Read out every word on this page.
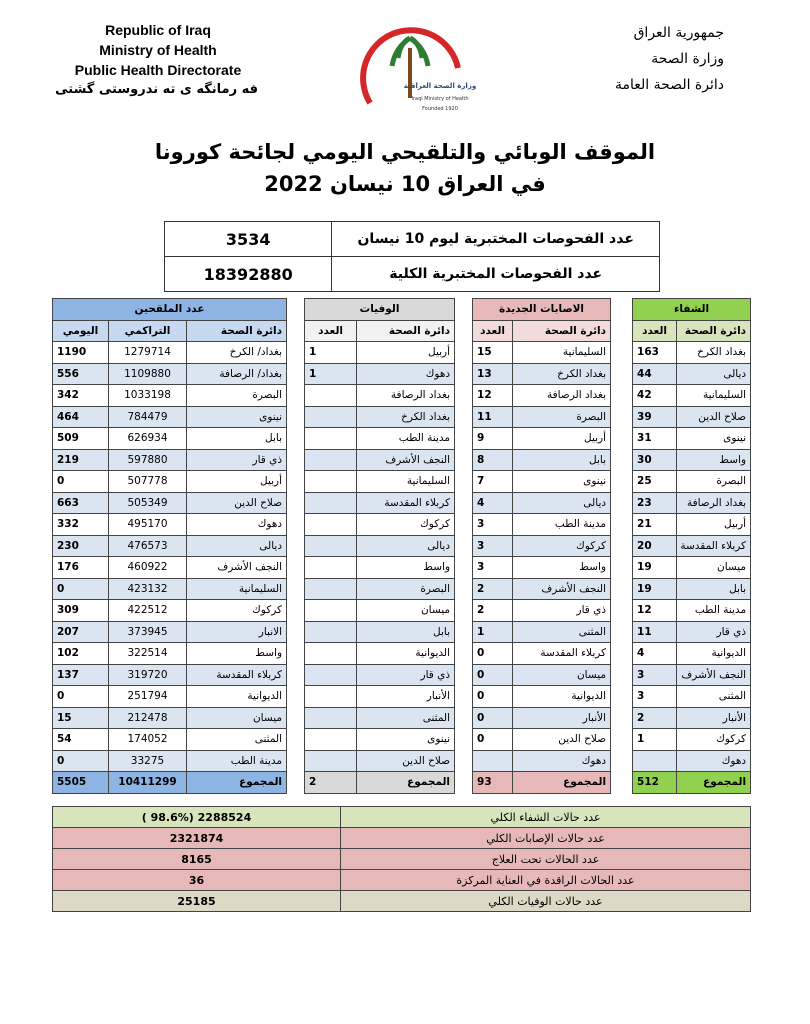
Republic of Iraq
Ministry of Health
Public Health Directorate
فه رمانگه ى ته ندروستى گشتى
جمهورية العراق
وزارة الصحة
دائرة الصحة العامة
وزارة الصحة العراقية
Iraqi Ministry of Health
Founded 1920
الموقف الوبائي والتلقيحي اليومي لجائحة كورونا
في العراق 10 نيسان 2022
3534	عدد الفحوصات المختبرية ليوم 10 نيسان
18392880	عدد الفحوصات المختبرية الكلية
عدد الملقحين				الوفيات			الاصابات الجديدة			الشفاء	
اليومي	التراكمي	دائرة الصحة		العدد	دائرة الصحة		العدد	دائرة الصحة		العدد	دائرة الصحة
1190	1279714	بغداد/ الكرخ		1	أربيل		15	السليمانية		163	بغداد الكرخ
556	1109880	بغداد/ الرصافة		1	دهوك		13	بغداد الكرخ		44	ديالى
342	1033198	البصرة			بغداد الرصافة		12	بغداد الرصافة		42	السليمانية
464	784479	نينوى			بغداد الكرخ		11	البصرة		39	صلاح الدين
509	626934	بابل			مدينة الطب		9	أربيل		31	نينوى
219	597880	ذي قار			النجف الأشرف		8	بابل		30	واسط
0	507778	أربيل			السليمانية		7	نينوى		25	البصرة
663	505349	صلاح الدين			كربلاء المقدسة		4	ديالى		23	بغداد الرصافة
332	495170	دهوك			كركوك		3	مدينة الطب		21	أربيل
230	476573	ديالى			ديالى		3	كركوك		20	كربلاء المقدسة
176	460922	النجف الأشرف			واسط		3	واسط		19	ميسان
0	423132	السليمانية			البصرة		2	النجف الأشرف		19	بابل
309	422512	كركوك			ميسان		2	ذي قار		12	مدينة الطب
207	373945	الانبار			بابل		1	المثنى		11	ذي قار
102	322514	واسط			الديوانية		0	كربلاء المقدسة		4	الديوانية
137	319720	كربلاء المقدسة			ذي قار		0	ميسان		3	النجف الأشرف
0	251794	الديوانية			الأنبار		0	الديوانية		3	المثنى
15	212478	ميسان			المثنى		0	الأنبار		2	الأنبار
54	174052	المثنى			نينوى		0	صلاح الدين		1	كركوك
0	33275	مدينة الطب			صلاح الدين			دهوك			دهوك
5505	10411299	المجموع		2	المجموع		93	المجموع		512	المجموع
( 98.6%) 2288524	عدد حالات الشفاء الكلي
2321874	عدد حالات الإصابات الكلي
8165	عدد الحالات تحت العلاج
36	عدد الحالات الراقدة في العناية المركزة
25185	عدد حالات الوفيات الكلي
